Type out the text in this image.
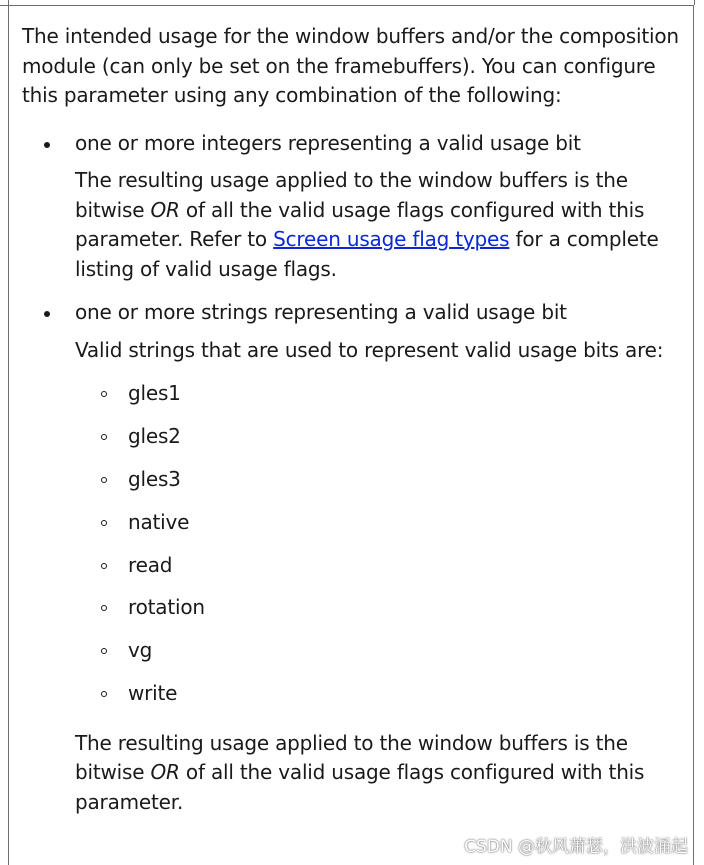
The intended usage for the window buffers and/or the composition module (can only be set on the framebuffers). You can configure this parameter using any combination of the following:

one or more integers representing a valid usage bit

The resulting usage applied to the window buffers is the bitwise OR of all the valid usage flags configured with this parameter. Refer to Screen usage flag types for a complete listing of valid usage flags.

one or more strings representing a valid usage bit

Valid strings that are used to represent valid usage bits are:

gles1
gles2
gles3
native
read
rotation
vg
write

The resulting usage applied to the window buffers is the bitwise OR of all the valid usage flags configured with this parameter.

CSDN @秋风萧瑟，洪波涌起
